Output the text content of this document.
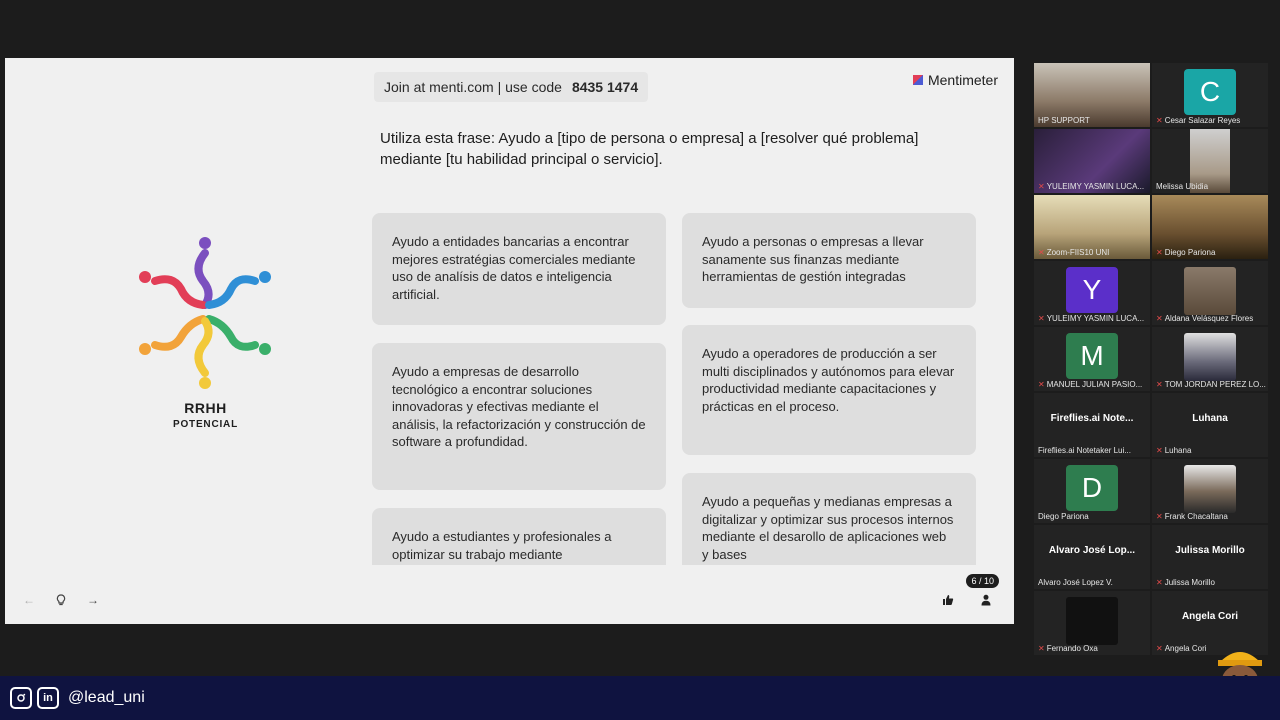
Join at menti.com | use code 8435 1474	Mentimeter
Utiliza esta frase: Ayudo a [tipo de persona o empresa] a [resolver qué problema] mediante [tu habilidad principal o servicio].
RRHH
POTENCIAL
Ayudo a entidades bancarias a encontrar mejores estratégias comerciales mediante uso de analísis de datos e inteligencia artificial.
Ayudo a personas o empresas a llevar sanamente sus finanzas mediante herramientas de gestión integradas
Ayudo a empresas de desarrollo tecnológico a encontrar soluciones innovadoras y efectivas mediante el análisis, la refactorización y construcción de software a profundidad.
Ayudo a operadores de producción a ser multi disciplinados y autónomos para elevar productividad mediante capacitaciones y prácticas en el proceso.
Ayudo a estudiantes y profesionales a optimizar su trabajo mediante
Ayudo a pequeñas y medianas empresas a digitalizar y optimizar sus procesos internos mediante el desarollo de aplicaciones web y bases
←	→
6 / 10
HP SUPPORT
C
✕ Cesar Salazar Reyes
✕ YULEIMY YASMIN LUCA...	Melissa Ubidia
✕ Zoom-FIIS10 UNI	✕ Diego Pariona
Y
✕ YULEIMY YASMIN LUCA...	✕ Aldana Velásquez Flores
M
✕ MANUEL JULIAN PASIO...	✕ TOM JORDAN PEREZ LO...
Fireflies.ai Note...
Fireflies.ai Notetaker Lui...
Luhana
✕ Luhana
D
Diego Pariona	✕ Frank Chacaltana
Alvaro José Lop...
Alvaro José Lopez V.
Julissa Morillo
✕ Julissa Morillo
✕ Fernando Oxa
Angela Cori
✕ Angela Cori
in @lead_uni
